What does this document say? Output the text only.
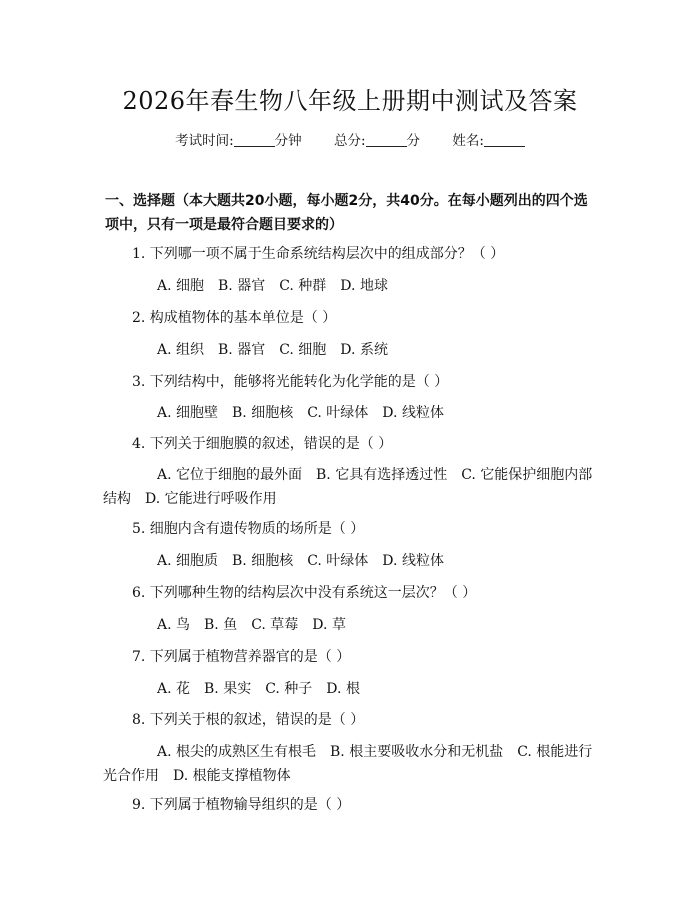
2026年春生物八年级上册期中测试及答案
考试时间:	分钟 总分:	分 姓名:
一、选择题（本大题共20小题，每小题2分，共40分。在每小题列出的四个选项中，只有一项是最符合题目要求的）
1. 下列哪一项不属于生命系统结构层次中的组成部分？（ ）
A. 细胞　B. 器官　C. 种群　D. 地球
2. 构成植物体的基本单位是（ ）
A. 组织　B. 器官　C. 细胞　D. 系统
3. 下列结构中，能够将光能转化为化学能的是（ ）
A. 细胞壁　B. 细胞核　C. 叶绿体　D. 线粒体
4. 下列关于细胞膜的叙述，错误的是（ ）
A. 它位于细胞的最外面　B. 它具有选择透过性　C. 它能保护细胞内部结构　D. 它能进行呼吸作用
5. 细胞内含有遗传物质的场所是（ ）
A. 细胞质　B. 细胞核　C. 叶绿体　D. 线粒体
6. 下列哪种生物的结构层次中没有系统这一层次？（ ）
A. 鸟　B. 鱼　C. 草莓　D. 草
7. 下列属于植物营养器官的是（ ）
A. 花　B. 果实　C. 种子　D. 根
8. 下列关于根的叙述，错误的是（ ）
A. 根尖的成熟区生有根毛　B. 根主要吸收水分和无机盐　C. 根能进行光合作用　D. 根能支撑植物体
9. 下列属于植物输导组织的是（ ）
